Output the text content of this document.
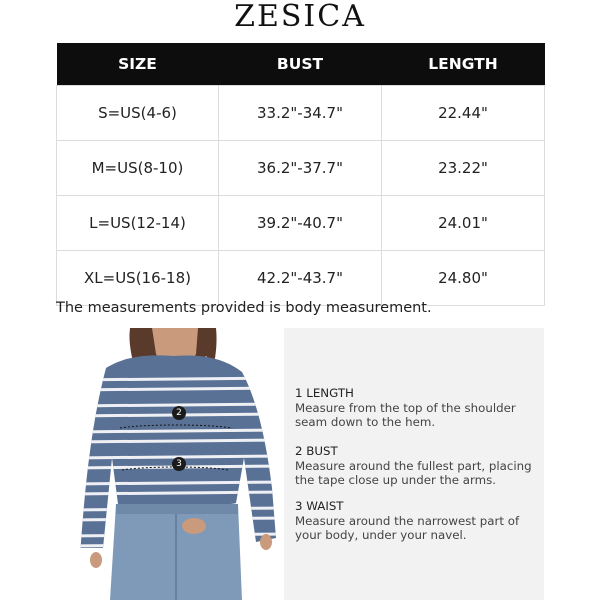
ZESICA
SIZE	BUST	LENGTH
S=US(4-6)	33.2"-34.7"	22.44"
M=US(8-10)	36.2"-37.7"	23.22"
L=US(12-14)	39.2"-40.7"	24.01"
XL=US(16-18)	42.2"-43.7"	24.80"
The measurements provided is body measurement.
2
3
1 LENGTH
Measure from the top of the shoulder
seam down to the hem.
2 BUST
Measure around the fullest part, placing
the tape close up under the arms.
3 WAIST
Measure around the narrowest part of
your body, under your navel.
